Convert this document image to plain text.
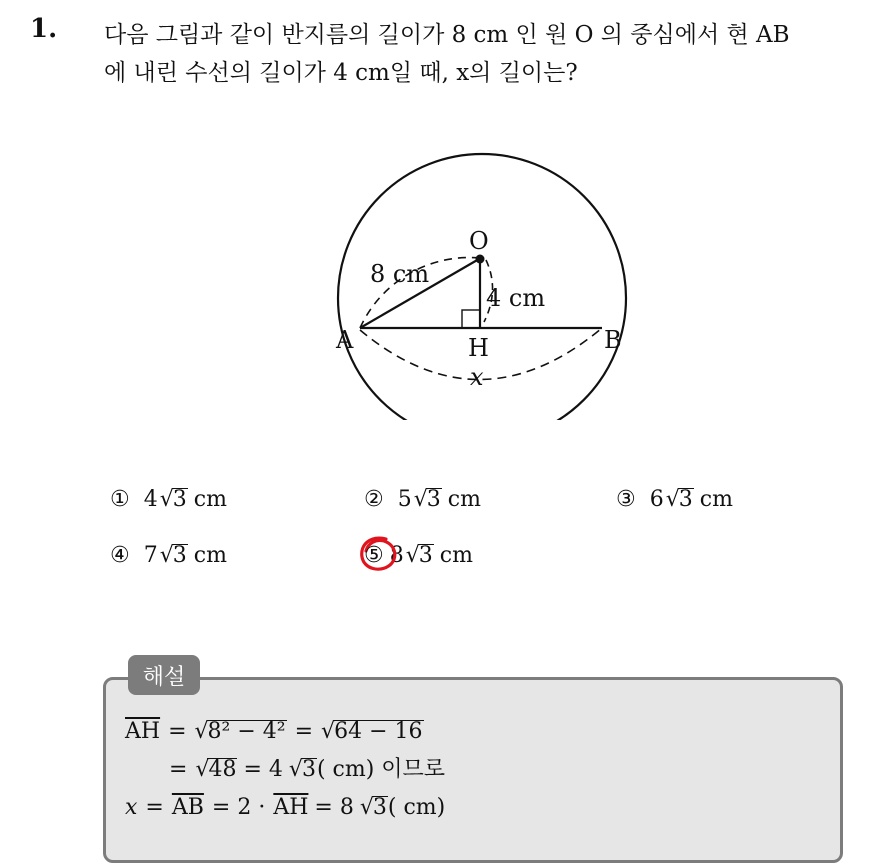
1. 다음 그림과 같이 반지름의 길이가 8 cm 인 원 O 의 중심에서 현 AB
에 내린 수선의 길이가 4 cm일 때, x의 길이는?
O
A	B
H
x
8 cm
4 cm
① 4 √3 cm	② 5 √3 cm	③ 6 √3 cm
④ 7 √3 cm	⑤ 8 √3 cm
해설
$\overline{AH} = √8^2 - 4^2 = √64 - 16$
= √48 = 4 √3 ( cm) 이므로
$x = \overline{AB} = 2 \cdot \overline{AH} = 8$ √3 ( cm)
